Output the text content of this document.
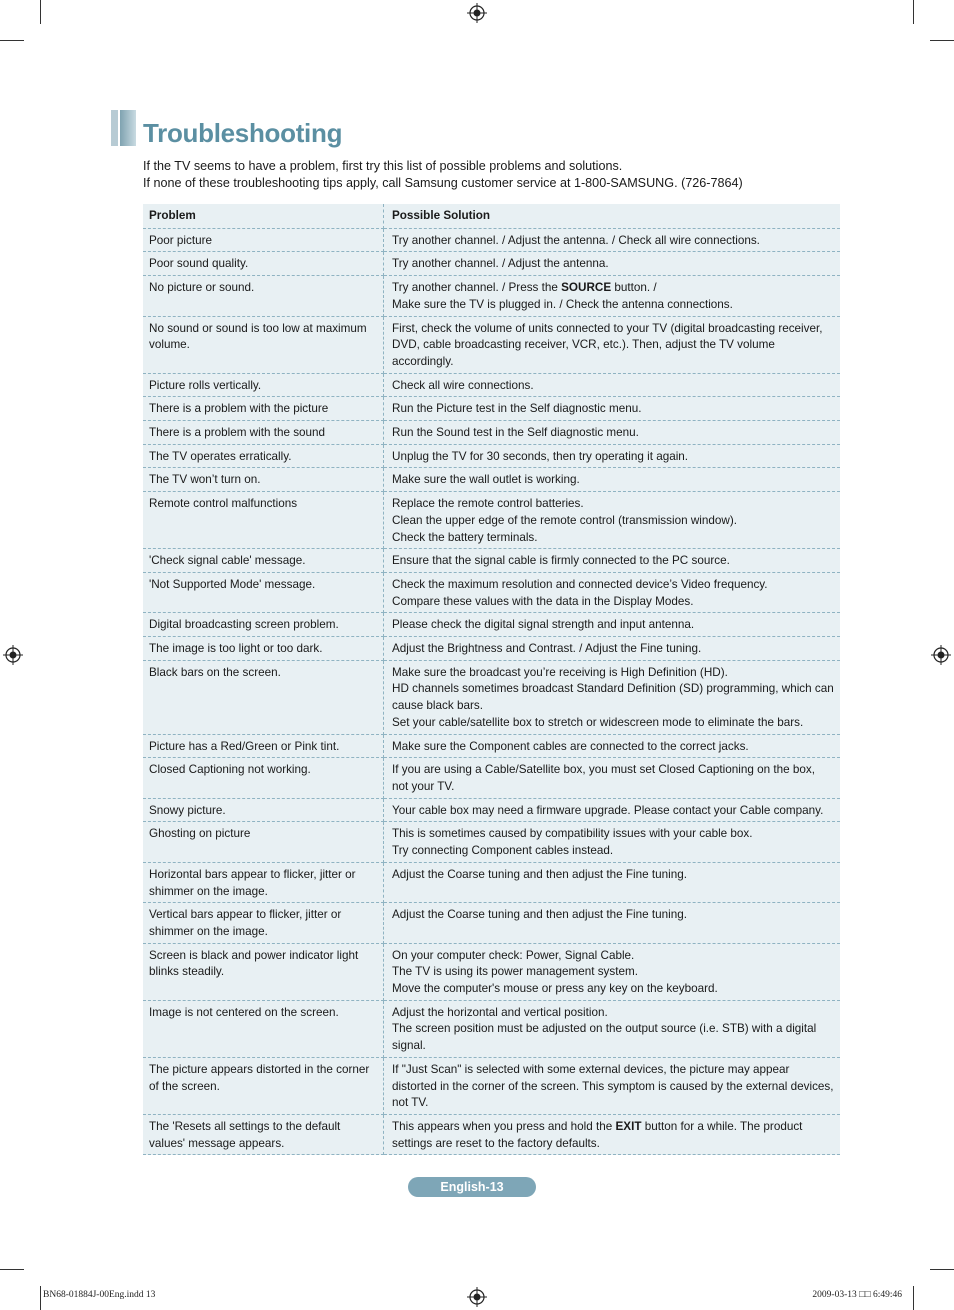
Troubleshooting
If the TV seems to have a problem, first try this list of possible problems and solutions.
If none of these troubleshooting tips apply, call Samsung customer service at 1-800-SAMSUNG. (726-7864)
Problem	Possible Solution
Poor picture	Try another channel. / Adjust the antenna. / Check all wire connections.

Poor sound quality.	Try another channel. / Adjust the antenna.

No picture or sound.	Try another channel. / Press the SOURCE button. /
Make sure the TV is plugged in. / Check the antenna connections.

No sound or sound is too low at maximum volume.	First, check the volume of units connected to your TV (digital broadcasting receiver, DVD, cable broadcasting receiver, VCR, etc.). Then, adjust the TV volume accordingly.

Picture rolls vertically.	Check all wire connections.

There is a problem with the picture	Run the Picture test in the Self diagnostic menu.

There is a problem with the sound	Run the Sound test in the Self diagnostic menu.

The TV operates erratically.	Unplug the TV for 30 seconds, then try operating it again.

The TV won’t turn on.	Make sure the wall outlet is working.

Remote control malfunctions	Replace the remote control batteries.
Clean the upper edge of the remote control (transmission window).
Check the battery terminals.

'Check signal cable' message.	Ensure that the signal cable is firmly connected to the PC source.

'Not Supported Mode' message.	Check the maximum resolution and connected device’s Video frequency.
Compare these values with the data in the Display Modes.

Digital broadcasting screen problem.	Please check the digital signal strength and input antenna.

The image is too light or too dark.	Adjust the Brightness and Contrast. / Adjust the Fine tuning.

Black bars on the screen.	Make sure the broadcast you’re receiving is High Definition (HD).
HD channels sometimes broadcast Standard Definition (SD) programming, which can cause black bars.
Set your cable/satellite box to stretch or widescreen mode to eliminate the bars.

Picture has a Red/Green or Pink tint.	Make sure the Component cables are connected to the correct jacks.

Closed Captioning not working.	If you are using a Cable/Satellite box, you must set Closed Captioning on the box, not your TV.

Snowy picture.	Your cable box may need a firmware upgrade. Please contact your Cable company.

Ghosting on picture	This is sometimes caused by compatibility issues with your cable box.
Try connecting Component cables instead.

Horizontal bars appear to flicker, jitter or shimmer on the image.	Adjust the Coarse tuning and then adjust the Fine tuning.

Vertical bars appear to flicker, jitter or shimmer on the image.	Adjust the Coarse tuning and then adjust the Fine tuning.

Screen is black and power indicator light blinks steadily.	On your computer check: Power, Signal Cable.
The TV is using its power management system.
Move the computer's mouse or press any key on the keyboard.

Image is not centered on the screen.	Adjust the horizontal and vertical position.
The screen position must be adjusted on the output source (i.e. STB) with a digital signal.

The picture appears distorted in the corner of the screen.	If "Just Scan" is selected with some external devices, the picture may appear distorted in the corner of the screen. This symptom is caused by the external devices, not TV.

The 'Resets all settings to the default values' message appears.	This appears when you press and hold the EXIT button for a while. The product settings are reset to the factory defaults.
English-13
BN68-01884J-00Eng.indd 13	2009-03-13 □□ 6:49:46
